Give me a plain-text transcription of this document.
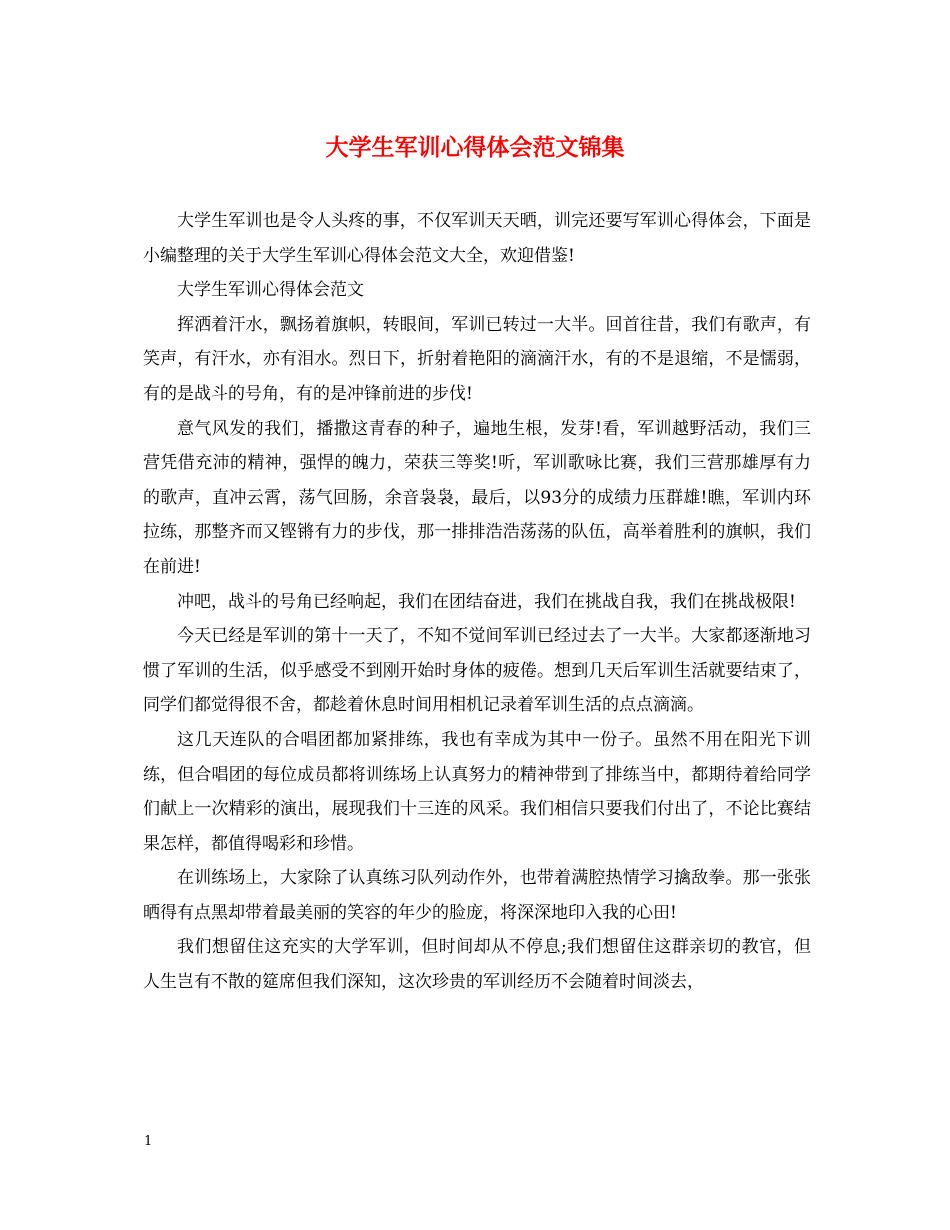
大学生军训心得体会范文锦集

大学生军训也是令人头疼的事，不仅军训天天晒，训完还要写军训心得体会，下面是小编整理的关于大学生军训心得体会范文大全，欢迎借鉴!

大学生军训心得体会范文

挥洒着汗水，飘扬着旗帜，转眼间，军训已转过一大半。回首往昔，我们有歌声，有笑声，有汗水，亦有泪水。烈日下，折射着艳阳的滴滴汗水，有的不是退缩，不是懦弱，有的是战斗的号角，有的是冲锋前进的步伐!

意气风发的我们，播撒这青春的种子，遍地生根，发芽!看，军训越野活动，我们三营凭借充沛的精神，强悍的魄力，荣获三等奖!听，军训歌咏比赛，我们三营那雄厚有力的歌声，直冲云霄，荡气回肠，余音袅袅，最后，以93分的成绩力压群雄!瞧，军训内环拉练，那整齐而又铿锵有力的步伐，那一排排浩浩荡荡的队伍，高举着胜利的旗帜，我们在前进!

冲吧，战斗的号角已经响起，我们在团结奋进，我们在挑战自我，我们在挑战极限!

今天已经是军训的第十一天了，不知不觉间军训已经过去了一大半。大家都逐渐地习惯了军训的生活，似乎感受不到刚开始时身体的疲倦。想到几天后军训生活就要结束了，同学们都觉得很不舍，都趁着休息时间用相机记录着军训生活的点点滴滴。

这几天连队的合唱团都加紧排练，我也有幸成为其中一份子。虽然不用在阳光下训练，但合唱团的每位成员都将训练场上认真努力的精神带到了排练当中，都期待着给同学们献上一次精彩的演出，展现我们十三连的风采。我们相信只要我们付出了，不论比赛结果怎样，都值得喝彩和珍惜。

在训练场上，大家除了认真练习队列动作外，也带着满腔热情学习擒敌拳。那一张张晒得有点黑却带着最美丽的笑容的年少的脸庞，将深深地印入我的心田!

我们想留住这充实的大学军训，但时间却从不停息;我们想留住这群亲切的教官，但人生岂有不散的筵席但我们深知，这次珍贵的军训经历不会随着时间淡去，

1
